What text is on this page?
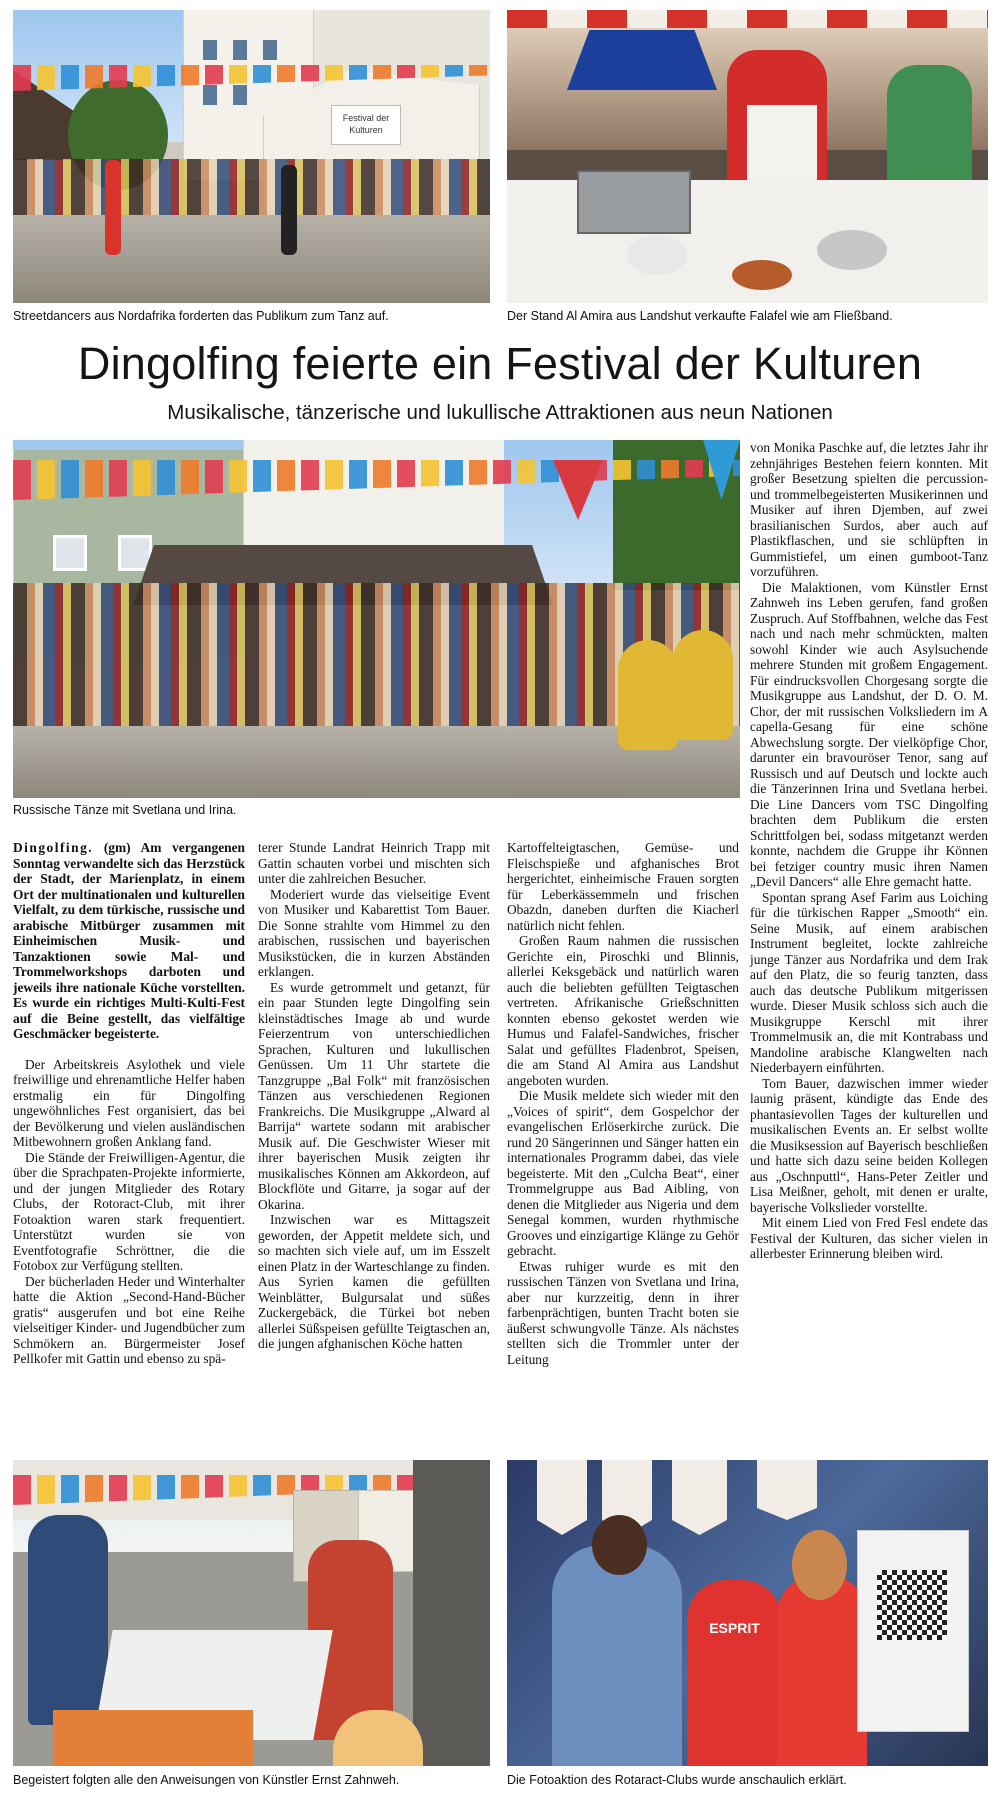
Festival der Kulturen
Streetdancers aus Nordafrika forderten das Publikum zum Tanz auf.	Der Stand Al Amira aus Landshut verkaufte Falafel wie am Fließband.
Dingolfing feierte ein Festival der Kulturen
Musikalische, tänzerische und lukullische Attraktionen aus neun Nationen
Russische Tänze mit Svetlana und Irina.

von Monika Paschke auf, die letztes Jahr ihr zehnjähriges Bestehen feiern konnten. Mit großer Besetzung spielten die percussion- und trommelbegeisterten Musikerinnen und Musiker auf ihren Djemben, auf zwei brasilianischen Surdos, aber auch auf Plastikflaschen, und sie schlüpften in Gummistiefel, um einen gumboot-Tanz vorzuführen.

Die Malaktionen, vom Künstler Ernst Zahnweh ins Leben gerufen, fand großen Zuspruch. Auf Stoffbahnen, welche das Fest nach und nach mehr schmückten, malten sowohl Kinder wie auch Asylsuchende mehrere Stunden mit großem Engagement. Für eindrucksvollen Chorgesang sorgte die Musikgruppe aus Landshut, der D. O. M. Chor, der mit russischen Volksliedern im A capella-Gesang für eine schöne Abwechslung sorgte. Der vielköpfige Chor, darunter ein bravouröser Tenor, sang auf Russisch und auf Deutsch und lockte auch die Tänzerinnen Irina und Svetlana herbei. Die Line Dancers vom TSC Dingolfing brachten dem Publikum die ersten Schrittfolgen bei, sodass mitgetanzt werden konnte, nachdem die Gruppe ihr Können bei fetziger country music ihren Namen „Devil Dancers“ alle Ehre gemacht hatte.

Spontan sprang Asef Farim aus Loiching für die türkischen Rapper „Smooth“ ein. Seine Musik, auf einem arabischen Instrument begleitet, lockte zahlreiche junge Tänzer aus Nordafrika und dem Irak auf den Platz, die so feurig tanzten, dass auch das deutsche Publikum mitgerissen wurde. Dieser Musik schloss sich auch die Musikgruppe Kerschl mit ihrer Trommelmusik an, die mit Kontrabass und Mandoline arabische Klangwelten nach Niederbayern einführten.

Tom Bauer, dazwischen immer wieder launig präsent, kündigte das Ende des phantasievollen Tages der kulturellen und musikalischen Events an. Er selbst wollte die Musiksession auf Bayerisch beschließen und hatte sich dazu seine beiden Kollegen aus „Oschnputtl“, Hans-Peter Zeitler und Lisa Meißner, geholt, mit denen er uralte, bayerische Volkslieder vorstellte.

Mit einem Lied von Fred Fesl endete das Festival der Kulturen, das sicher vielen in allerbester Erinnerung bleiben wird.

Dingolfing. (gm) Am vergangenen Sonntag verwandelte sich das Herzstück der Stadt, der Marienplatz, in einem Ort der multinationalen und kulturellen Vielfalt, zu dem türkische, russische und arabische Mitbürger zusammen mit Einheimischen Musik- und Tanzaktionen sowie Mal- und Trommelworkshops darboten und jeweils ihre nationale Küche vorstellten. Es wurde ein richtiges Multi-Kulti-Fest auf die Beine gestellt, das vielfältige Geschmäcker begeisterte.

Der Arbeitskreis Asylothek und viele freiwillige und ehrenamtliche Helfer haben erstmalig ein für Dingolfing ungewöhnliches Fest organisiert, das bei der Bevölkerung und vielen ausländischen Mitbewohnern großen Anklang fand.

Die Stände der Freiwilligen-Agentur, die über die Sprachpaten-Projekte informierte, und der jungen Mitglieder des Rotary Clubs, der Rotoract-Club, mit ihrer Fotoaktion waren stark frequentiert. Unterstützt wurden sie von Eventfotografie Schröttner, die die Fotobox zur Verfügung stellten.

Der bücherladen Heder und Winterhalter hatte die Aktion „Second-Hand-Bücher gratis“ ausgerufen und bot eine Reihe vielseitiger Kinder- und Jugendbücher zum Schmökern an. Bürgermeister Josef Pellkofer mit Gattin und ebenso zu spä-

terer Stunde Landrat Heinrich Trapp mit Gattin schauten vorbei und mischten sich unter die zahlreichen Besucher.

Moderiert wurde das vielseitige Event von Musiker und Kabarettist Tom Bauer. Die Sonne strahlte vom Himmel zu den arabischen, russischen und bayerischen Musikstücken, die in kurzen Abständen erklangen.

Es wurde getrommelt und getanzt, für ein paar Stunden legte Dingolfing sein kleinstädtisches Image ab und wurde Feierzentrum von unterschiedlichen Sprachen, Kulturen und lukullischen Genüssen. Um 11 Uhr startete die Tanzgruppe „Bal Folk“ mit französischen Tänzen aus verschiedenen Regionen Frankreichs. Die Musikgruppe „Alward al Barrija“ wartete sodann mit arabischer Musik auf. Die Geschwister Wieser mit ihrer bayerischen Musik zeigten ihr musikalisches Können am Akkordeon, auf Blockflöte und Gitarre, ja sogar auf der Okarina.

Inzwischen war es Mittagszeit geworden, der Appetit meldete sich, und so machten sich viele auf, um im Esszelt einen Platz in der Warteschlange zu finden. Aus Syrien kamen die gefüllten Weinblätter, Bulgursalat und süßes Zuckergebäck, die Türkei bot neben allerlei Süßspeisen gefüllte Teigtaschen an, die jungen afghanischen Köche hatten

Kartoffelteigtaschen, Gemüse- und Fleischspieße und afghanisches Brot hergerichtet, einheimische Frauen sorgten für Leberkässemmeln und frischen Obazdn, daneben durften die Kiacherl natürlich nicht fehlen.

Großen Raum nahmen die russischen Gerichte ein, Piroschki und Blinnis, allerlei Keksgebäck und natürlich waren auch die beliebten gefüllten Teigtaschen vertreten. Afrikanische Grießschnitten konnten ebenso gekostet werden wie Humus und Falafel-Sandwiches, frischer Salat und gefülltes Fladenbrot, Speisen, die am Stand Al Amira aus Landshut angeboten wurden.

Die Musik meldete sich wieder mit den „Voices of spirit“, dem Gospelchor der evangelischen Erlöserkirche zurück. Die rund 20 Sängerinnen und Sänger hatten ein internationales Programm dabei, das viele begeisterte. Mit den „Culcha Beat“, einer Trommelgruppe aus Bad Aibling, von denen die Mitglieder aus Nigeria und dem Senegal kommen, wurden rhythmische Grooves und einzigartige Klänge zu Gehör gebracht.

Etwas ruhiger wurde es mit den russischen Tänzen von Svetlana und Irina, aber nur kurzzeitig, denn in ihrer farbenprächtigen, bunten Tracht boten sie äußerst schwungvolle Tänze. Als nächstes stellten sich die Trommler unter der Leitung

Begeistert folgten alle den Anweisungen von Künstler Ernst Zahnweh.
ESPRIT
Die Fotoaktion des Rotaract-Clubs wurde anschaulich erklärt.
